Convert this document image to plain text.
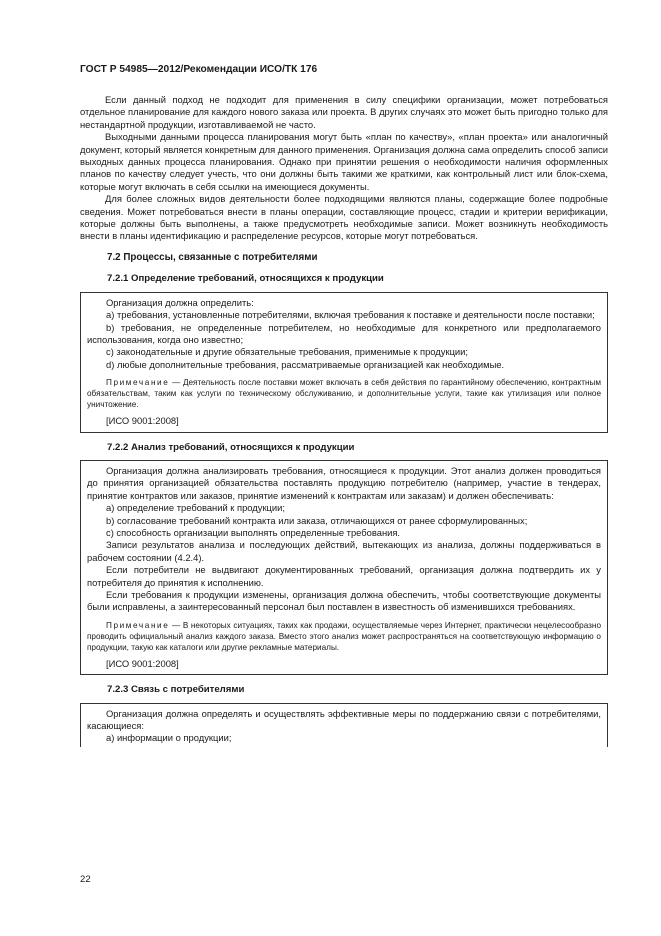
ГОСТ Р 54985—2012/Рекомендации ИСО/ТК 176

Если данный подход не подходит для применения в силу специфики организации, может потребоваться отдельное планирование для каждого нового заказа или проекта. В других случаях это может быть пригодно только для нестандартной продукции, изготавливаемой не часто.

Выходными данными процесса планирования могут быть «план по качеству», «план проекта» или аналогичный документ, который является конкретным для данного применения. Организация должна сама определить способ записи выходных данных процесса планирования. Однако при принятии решения о необходимости наличия оформленных планов по качеству следует учесть, что они должны быть такими же краткими, как контрольный лист или блок-схема, которые могут включать в себя ссылки на имеющиеся документы.

Для более сложных видов деятельности более подходящими являются планы, содержащие более подробные сведения. Может потребоваться внести в планы операции, составляющие процесс, стадии и критерии верификации, которые должны быть выполнены, а также предусмотреть необходимые записи. Может возникнуть необходимость внести в планы идентификацию и распределение ресурсов, которые могут потребоваться.

7.2 Процессы, связанные с потребителями
7.2.1 Определение требований, относящихся к продукции

Организация должна определить:

a) требования, установленные потребителями, включая требования к поставке и деятельности после поставки;

b) требования, не определенные потребителем, но необходимые для конкретного или предполагаемого использования, когда оно известно;

c) законодательные и другие обязательные требования, применимые к продукции;

d) любые дополнительные требования, рассматриваемые организацией как необходимые.

Примечание — Деятельность после поставки может включать в себя действия по гарантийному обеспечению, контрактным обязательствам, таким как услуги по техническому обслуживанию, и дополнительные услуги, такие как утилизация или полное уничтожение.

[ИСО 9001:2008]

7.2.2 Анализ требований, относящихся к продукции

Организация должна анализировать требования, относящиеся к продукции. Этот анализ должен проводиться до принятия организацией обязательства поставлять продукцию потребителю (например, участие в тендерах, принятие контрактов или заказов, принятие изменений к контрактам или заказам) и должен обеспечивать:

a) определение требований к продукции;

b) согласование требований контракта или заказа, отличающихся от ранее сформулированных;

c) способность организации выполнять определенные требования.

Записи результатов анализа и последующих действий, вытекающих из анализа, должны поддерживаться в рабочем состоянии (4.2.4).

Если потребители не выдвигают документированных требований, организация должна подтвердить их у потребителя до принятия к исполнению.

Если требования к продукции изменены, организация должна обеспечить, чтобы соответствующие документы были исправлены, а заинтересованный персонал был поставлен в известность об изменившихся требованиях.

Примечание — В некоторых ситуациях, таких как продажи, осуществляемые через Интернет, практически нецелесообразно проводить официальный анализ каждого заказа. Вместо этого анализ может распространяться на соответствующую информацию о продукции, такую как каталоги или другие рекламные материалы.

[ИСО 9001:2008]

7.2.3 Связь с потребителями

Организация должна определять и осуществлять эффективные меры по поддержанию связи с потребителями, касающиеся:

a) информации о продукции;

22
